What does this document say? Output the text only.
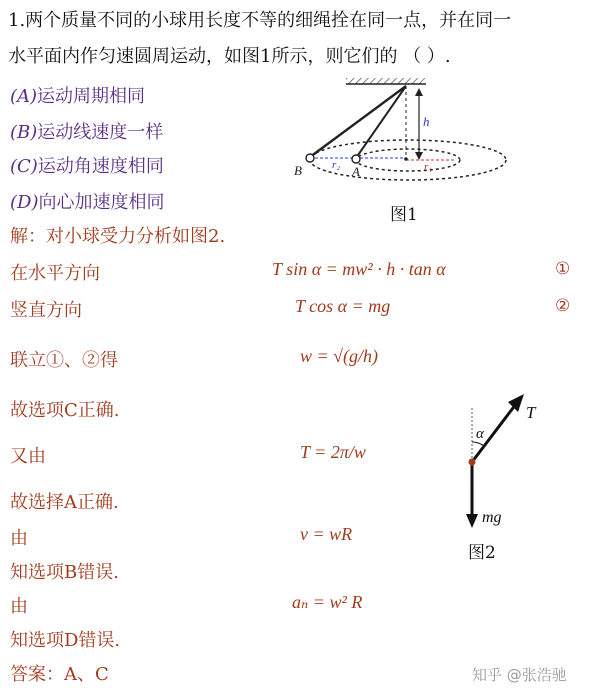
1.两个质量不同的小球用长度不等的细绳拴在同一点，并在同一
水平面内作匀速圆周运动，如图1所示，则它们的 （ ）.
(A)运动周期相同
(B)运动线速度一样
(C)运动角速度相同
(D)向心加速度相同
h
r₂	r₁
B	A
图1
解：对小球受力分析如图2.
在水平方向	T sin α = mw² · h · tan α	①
竖直方向	T cos α = mg	②
联立①、②得	w = √(g/h)
故选项C正确.
又由	T = 2π/w
故选择A正确.
由	v = wR
知选项B错误.
由	aₙ = w² R
知选项D错误.
答案：A、C
α
T
mg
图2
知乎 @张浩驰
